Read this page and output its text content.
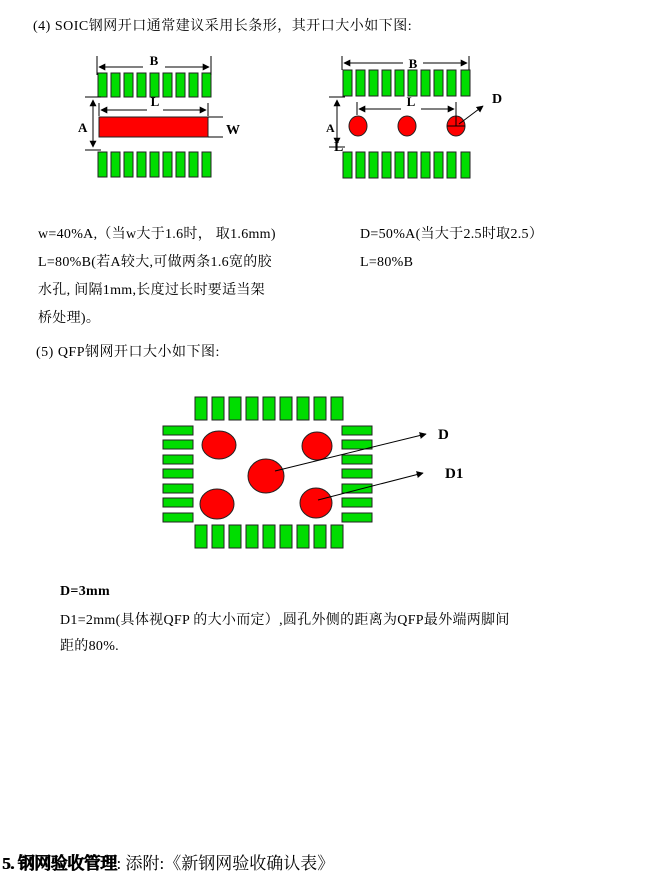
(4) SOIC钢网开口通常建议采用长条形，其开口大小如下图:
B
A
L
W
B
A
L
L	D
w=40%A,（当w大于1.6时， 取1.6mm)
L=80%B(若A较大,可做两条1.6宽的胶
水孔, 间隔1mm,长度过长时要适当架
桥处理)。
D=50%A(当大于2.5时取2.5）
L=80%B
(5) QFP钢网开口大小如下图:
D
D1
D=3mm
D1=2mm(具体视QFP 的大小而定）,圆孔外侧的距离为QFP最外端两脚间
距的80%.
5. 钢网验收管理: 添附:《新钢网验收确认表》
